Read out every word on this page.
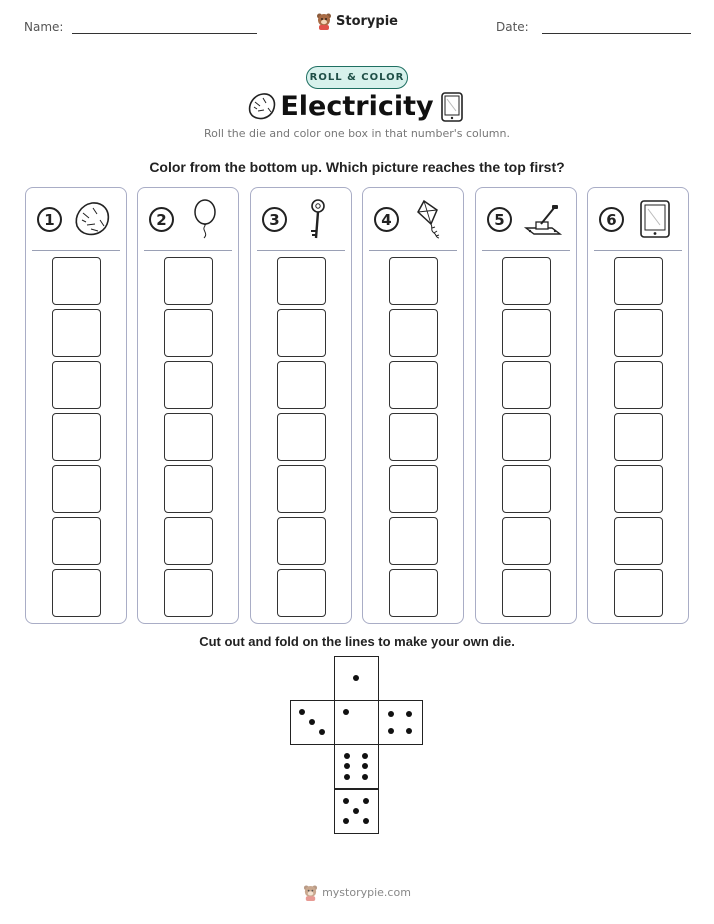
Name:	Storypie	Date:
ROLL & COLOR
Electricity
Roll the die and color one box in that number's column.
Color from the bottom up. Which picture reaches the top first?
1	2	3	4	5	6
Cut out and fold on the lines to make your own die.
mystorypie.com
